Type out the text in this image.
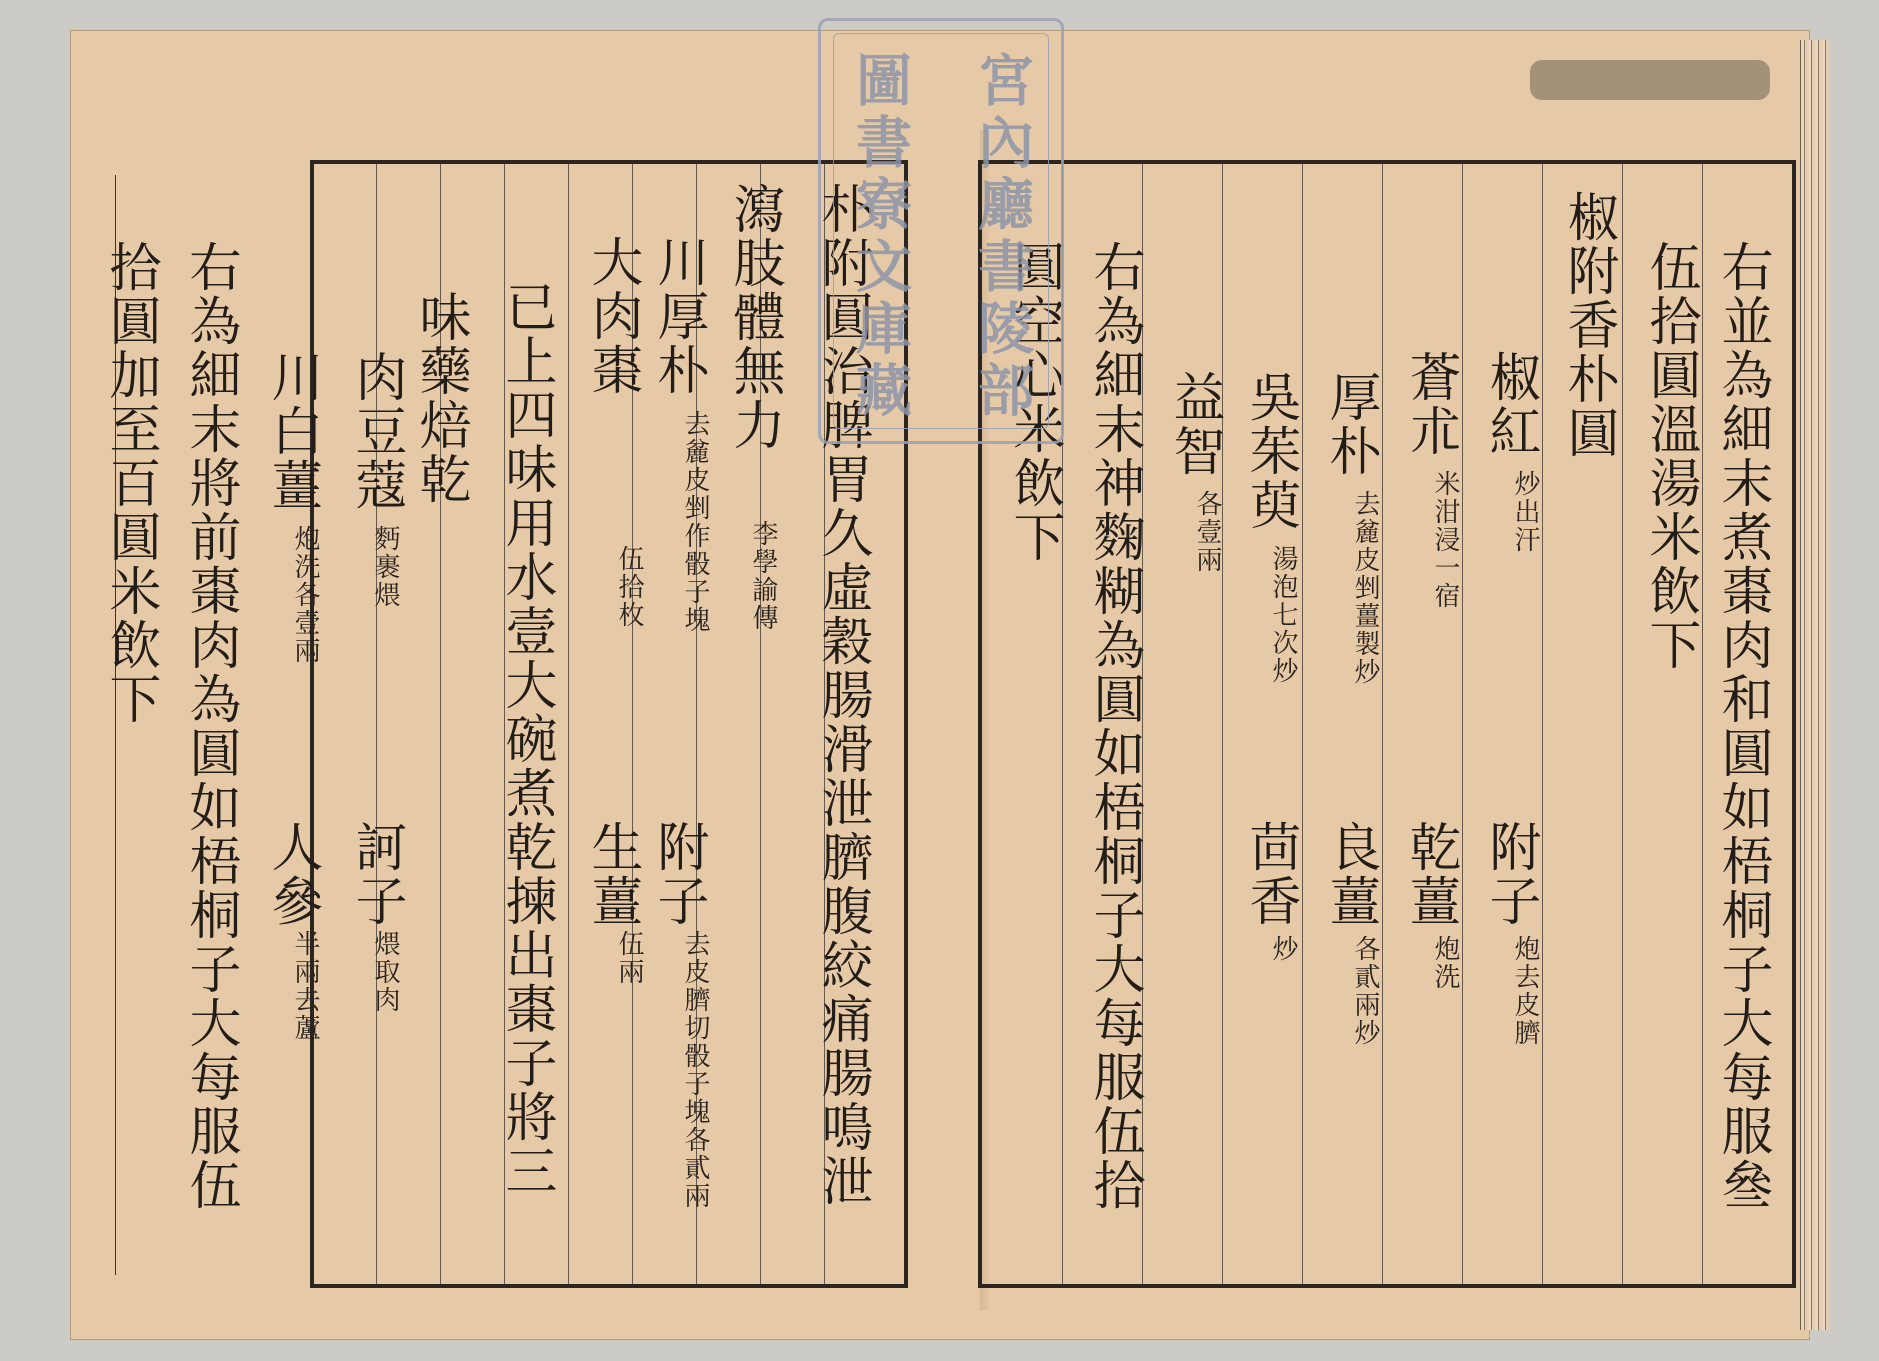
朴附圓治脾胃久虛穀腸滑泄臍腹絞痛腸鳴泄
瀉肢體無力
李學諭傳
川厚朴
去麄皮剉作骰子塊
附子
去皮臍切骰子塊各貳兩
大肉棗
伍拾枚
生薑
伍兩
已上四味用水壹大碗煮乾揀出棗子將三
味藥焙乾
肉豆蔻
麪裹煨
訶子
煨取肉
川白薑
炮洗各壹兩
人參
半兩去蘆
右為細末將前棗肉為圓如梧桐子大每服伍
拾圓加至百圓米飲下	右並為細末煮棗肉和圓如梧桐子大每服叄
伍拾圓溫湯米飲下
椒附香朴圓
椒紅
炒出汗
附子
炮去皮臍
蒼朮
米泔浸一宿
乾薑
炮洗
厚朴
去麄皮剉薑製炒
良薑
各貳兩炒
吳茱萸
湯泡七次炒
茴香
炒
益智
各壹兩
右為細末神麴糊為圓如梧桐子大每服伍拾
圓空心米飲下
宮內廳書陵部
圖書寮文庫藏
